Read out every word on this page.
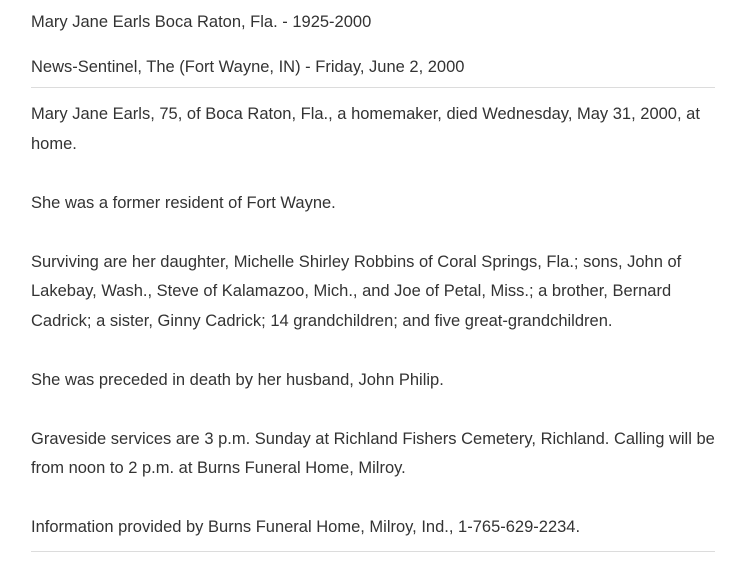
Mary Jane Earls Boca Raton, Fla. - 1925-2000

News-Sentinel, The (Fort Wayne, IN) - Friday, June 2, 2000

Mary Jane Earls, 75, of Boca Raton, Fla., a homemaker, died Wednesday, May 31, 2000, at home.

She was a former resident of Fort Wayne.

Surviving are her daughter, Michelle Shirley Robbins of Coral Springs, Fla.; sons, John of Lakebay, Wash., Steve of Kalamazoo, Mich., and Joe of Petal, Miss.; a brother, Bernard Cadrick; a sister, Ginny Cadrick; 14 grandchildren; and five great-grandchildren.

She was preceded in death by her husband, John Philip.

Graveside services are 3 p.m. Sunday at Richland Fishers Cemetery, Richland. Calling will be from noon to 2 p.m. at Burns Funeral Home, Milroy.

Information provided by Burns Funeral Home, Milroy, Ind., 1-765-629-2234.
